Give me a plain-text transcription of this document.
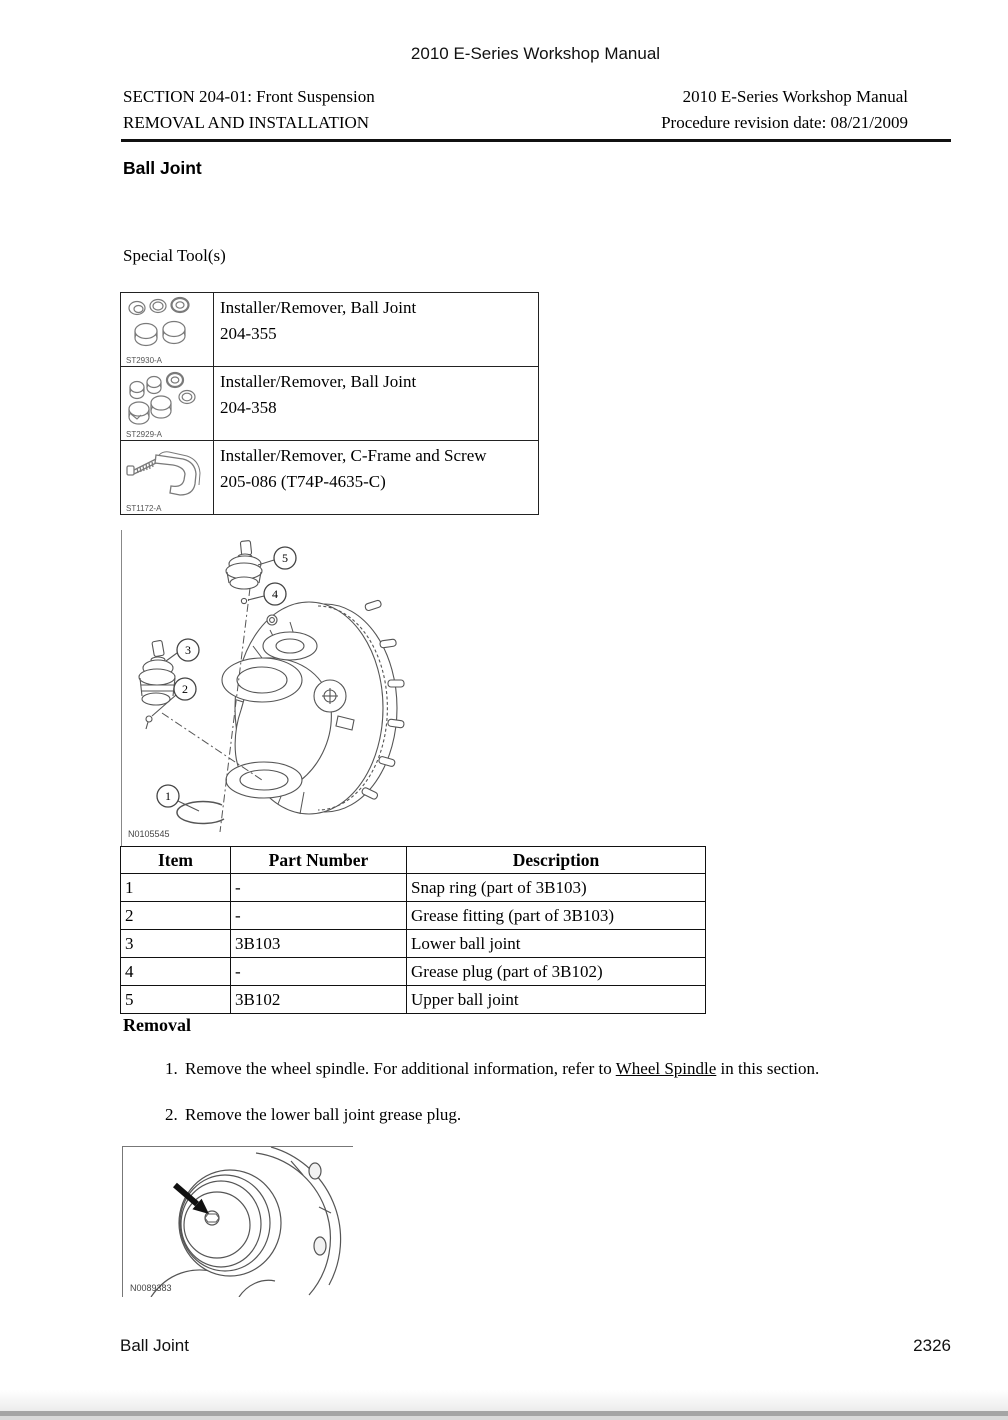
2010 E-Series Workshop Manual
SECTION 204-01: Front Suspension
REMOVAL AND INSTALLATION
2010 E-Series Workshop Manual
Procedure revision date: 08/21/2009
Ball Joint
Special Tool(s)
ST2930-A	Installer/Remover, Ball Joint
204-355

ST2929-A	Installer/Remover, Ball Joint
204-358

ST1172-A	Installer/Remover, C-Frame and Screw
205-086 (T74P-4635-C)
5
4
3
2
1
N0105545
Item	Part Number	Description
1	-	Snap ring (part of 3B103)
2	-	Grease fitting (part of 3B103)
3	3B103	Lower ball joint
4	-	Grease plug (part of 3B102)
5	3B102	Upper ball joint
Removal
1. Remove the wheel spindle. For additional information, refer to Wheel Spindle in this section.
2. Remove the lower ball joint grease plug.
N0089383
Ball Joint	2326
